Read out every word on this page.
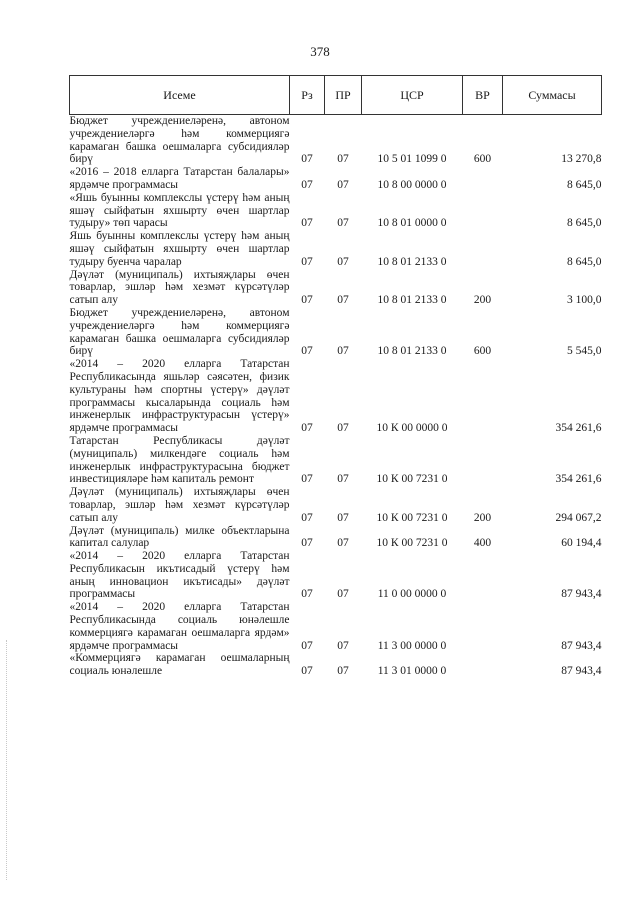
378
Исеме	Рз	ПР	ЦСР	ВР	Суммасы
Бюджет учреждениеләренә, автоном учреждениеләргә һәм коммерциягә карамаган башка оешмаларга субсидияләр бирү	07	07	10 5 01 1099 0	600	13 270,8
«2016 – 2018 елларга Татарстан балалары» ярдәмче программасы	07	07	10 8 00 0000 0		8 645,0
«Яшь буынны комплекслы үстерү һәм аның яшәү сыйфатын яхшырту өчен шартлар тудыру» төп чарасы	07	07	10 8 01 0000 0		8 645,0
Яшь буынны комплекслы үстерү һәм аның яшәү сыйфатын яхшырту өчен шартлар тудыру буенча чаралар	07	07	10 8 01 2133 0		8 645,0
Дәүләт (муниципаль) ихтыяҗлары өчен товарлар, эшләр һәм хезмәт күрсәтүләр сатып алу	07	07	10 8 01 2133 0	200	3 100,0
Бюджет учреждениеләренә, автоном учреждениеләргә һәм коммерциягә карамаган башка оешмаларга субсидияләр бирү	07	07	10 8 01 2133 0	600	5 545,0
«2014 – 2020 елларга Татарстан Республикасында яшьләр сәясәтен, физик культураны һәм спортны үстерү» дәүләт программасы кысаларында социаль һәм инженерлык инфраструктурасын үстерү» ярдәмче программасы	07	07	10 К 00 0000 0		354 261,6
Татарстан Республикасы дәүләт (муниципаль) милкендәге социаль һәм инженерлык инфраструктурасына бюджет инвестицияләре һәм капиталь ремонт	07	07	10 К 00 7231 0		354 261,6
Дәүләт (муниципаль) ихтыяҗлары өчен товарлар, эшләр һәм хезмәт күрсәтүләр сатып алу	07	07	10 К 00 7231 0	200	294 067,2
Дәүләт (муниципаль) милке объектларына капитал салулар	07	07	10 К 00 7231 0	400	60 194,4
«2014 – 2020 елларга Татарстан Республикасын икътисадый үстерү һәм аның инновацион икътисады» дәүләт программасы	07	07	11 0 00 0000 0		87 943,4
«2014 – 2020 елларга Татарстан Республикасында социаль юнәлешле коммерциягә карамаган оешмаларга ярдәм» ярдәмче программасы	07	07	11 3 00 0000 0		87 943,4
«Коммерциягә карамаган оешмаларның социаль юнәлешле	07	07	11 3 01 0000 0		87 943,4
